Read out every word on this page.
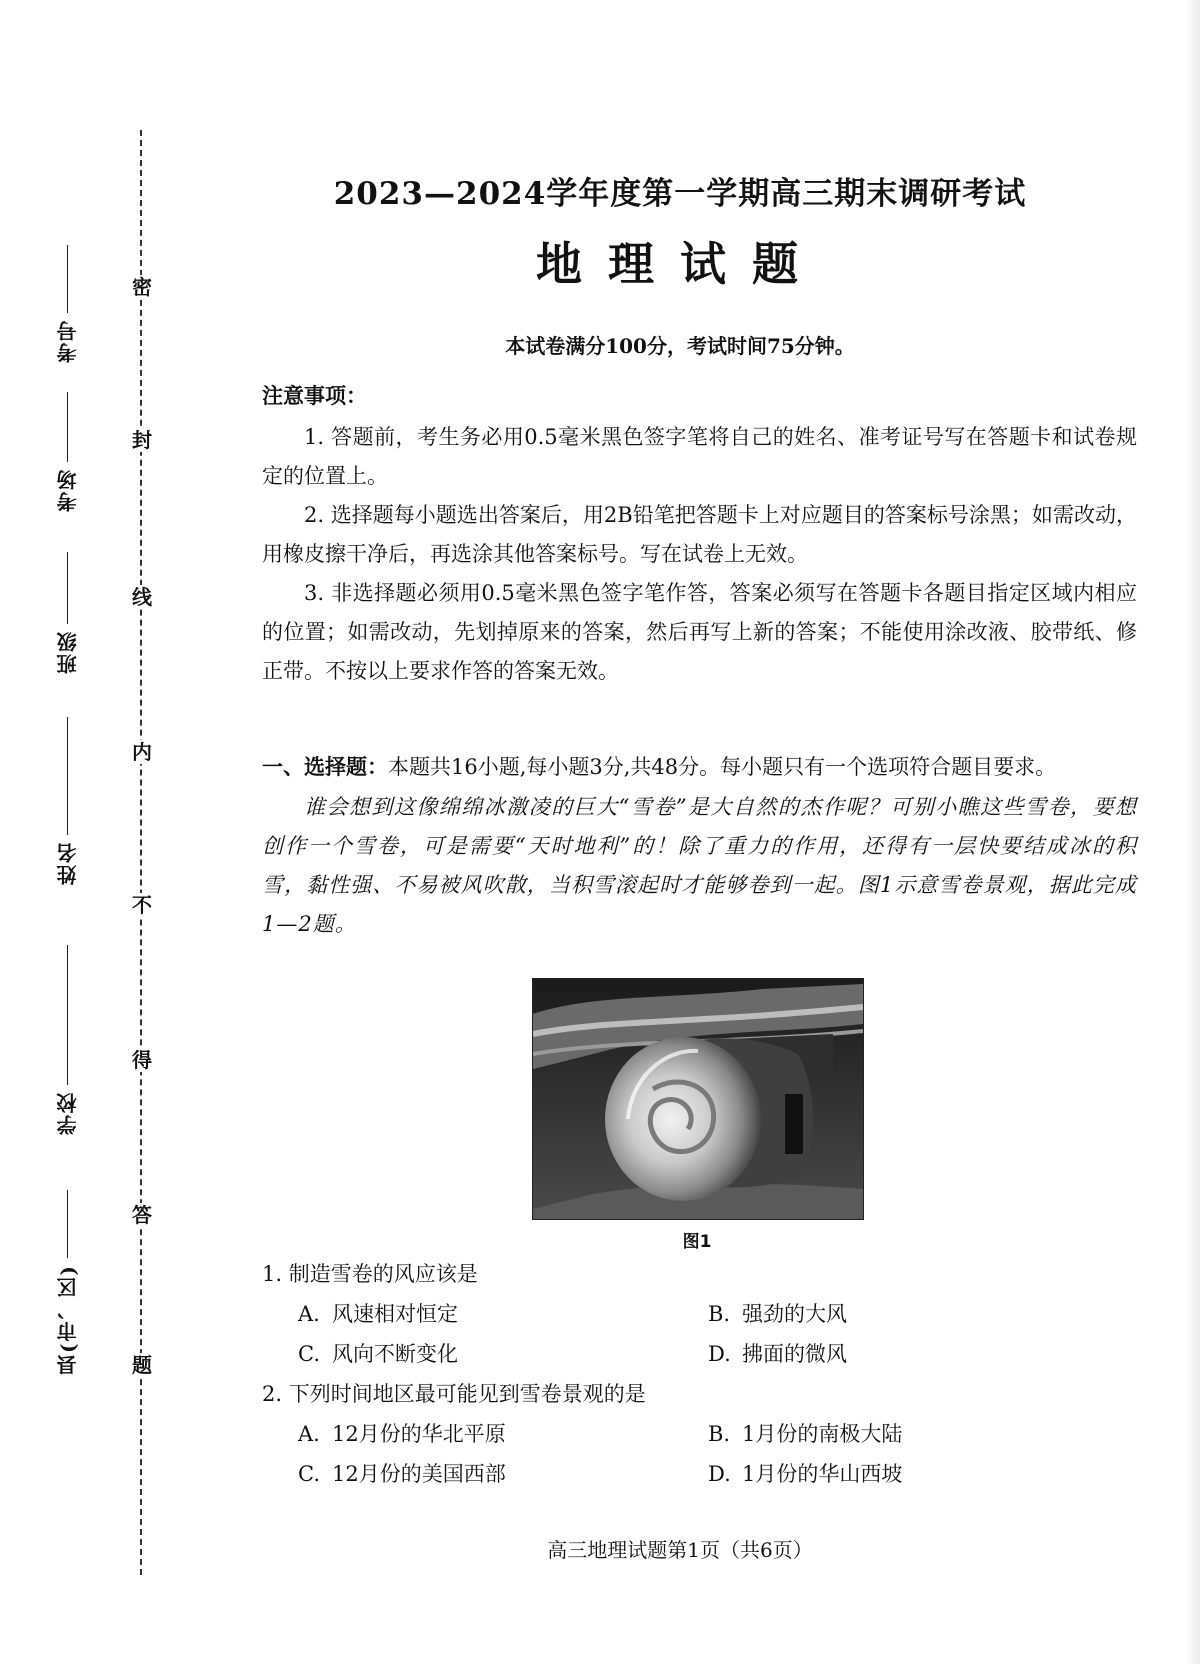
密
封
线
内
不
得
答
题
考号
考场
班级
姓名
学校
县(市、区)
2023—2024学年度第一学期高三期末调研考试
地理试题
本试卷满分100分，考试时间75分钟。
注意事项：
1. 答题前，考生务必用0.5毫米黑色签字笔将自己的姓名、准考证号写在答题卡和试卷规定的位置上。
2. 选择题每小题选出答案后，用2B铅笔把答题卡上对应题目的答案标号涂黑；如需改动，用橡皮擦干净后，再选涂其他答案标号。写在试卷上无效。
3. 非选择题必须用0.5毫米黑色签字笔作答，答案必须写在答题卡各题目指定区域内相应的位置；如需改动，先划掉原来的答案，然后再写上新的答案；不能使用涂改液、胶带纸、修正带。不按以上要求作答的答案无效。
一、选择题：本题共16小题,每小题3分,共48分。每小题只有一个选项符合题目要求。
谁会想到这像绵绵冰激凌的巨大“雪卷”是大自然的杰作呢？可别小瞧这些雪卷，要想创作一个雪卷，可是需要“天时地利”的！除了重力的作用，还得有一层快要结成冰的积雪，黏性强、不易被风吹散，当积雪滚起时才能够卷到一起。图1示意雪卷景观，据此完成1—2题。
图1
1. 制造雪卷的风应该是
A. 风速相对恒定	B. 强劲的大风
C. 风向不断变化	D. 拂面的微风
2. 下列时间地区最可能见到雪卷景观的是
A. 12月份的华北平原	B. 1月份的南极大陆
C. 12月份的美国西部	D. 1月份的华山西坡
高三地理试题第1页（共6页）
